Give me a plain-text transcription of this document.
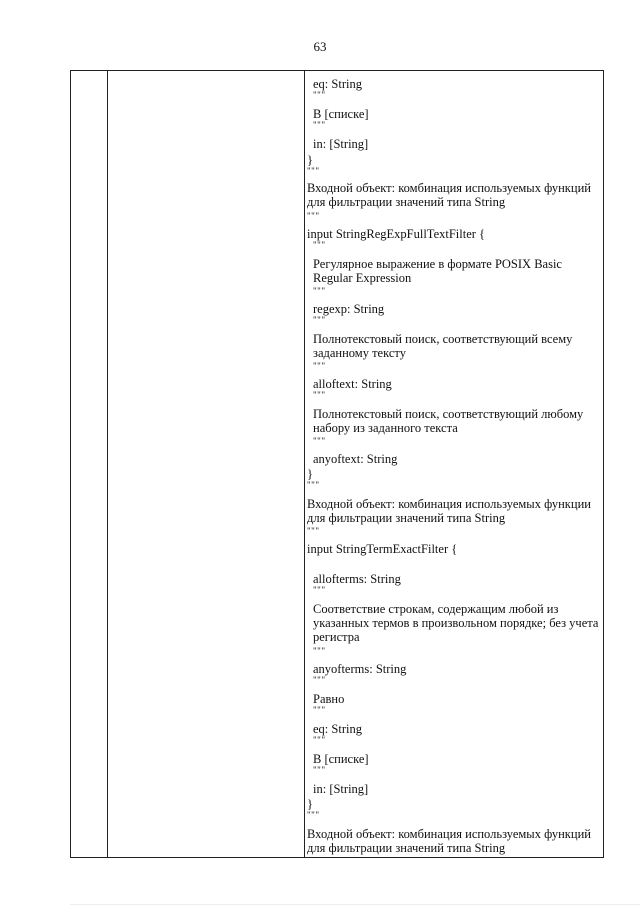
63
eq: String
"""
В [списке]
"""
in: [String]
}
"""
Входной объект: комбинация используемых функций для фильтрации значений типа String
"""
input StringRegExpFullTextFilter {
"""
Регулярное выражение в формате POSIX Basic Regular Expression
"""
regexp: String
"""
Полнотекстовый поиск, соответствующий всему заданному тексту
"""
alloftext: String
"""
Полнотекстовый поиск, соответствующий любому набору из заданного текста
"""
anyoftext: String
}
"""
Входной объект: комбинация используемых функции для фильтрации значений типа String
"""
input StringTermExactFilter {
allofterms: String
"""
Соответствие строкам, содержащим любой из указанных термов в произвольном порядке; без учета регистра
"""
anyofterms: String
"""
Равно
"""
eq: String
"""
В [списке]
"""
in: [String]
}
"""
Входной объект: комбинация используемых функций для фильтрации значений типа String
